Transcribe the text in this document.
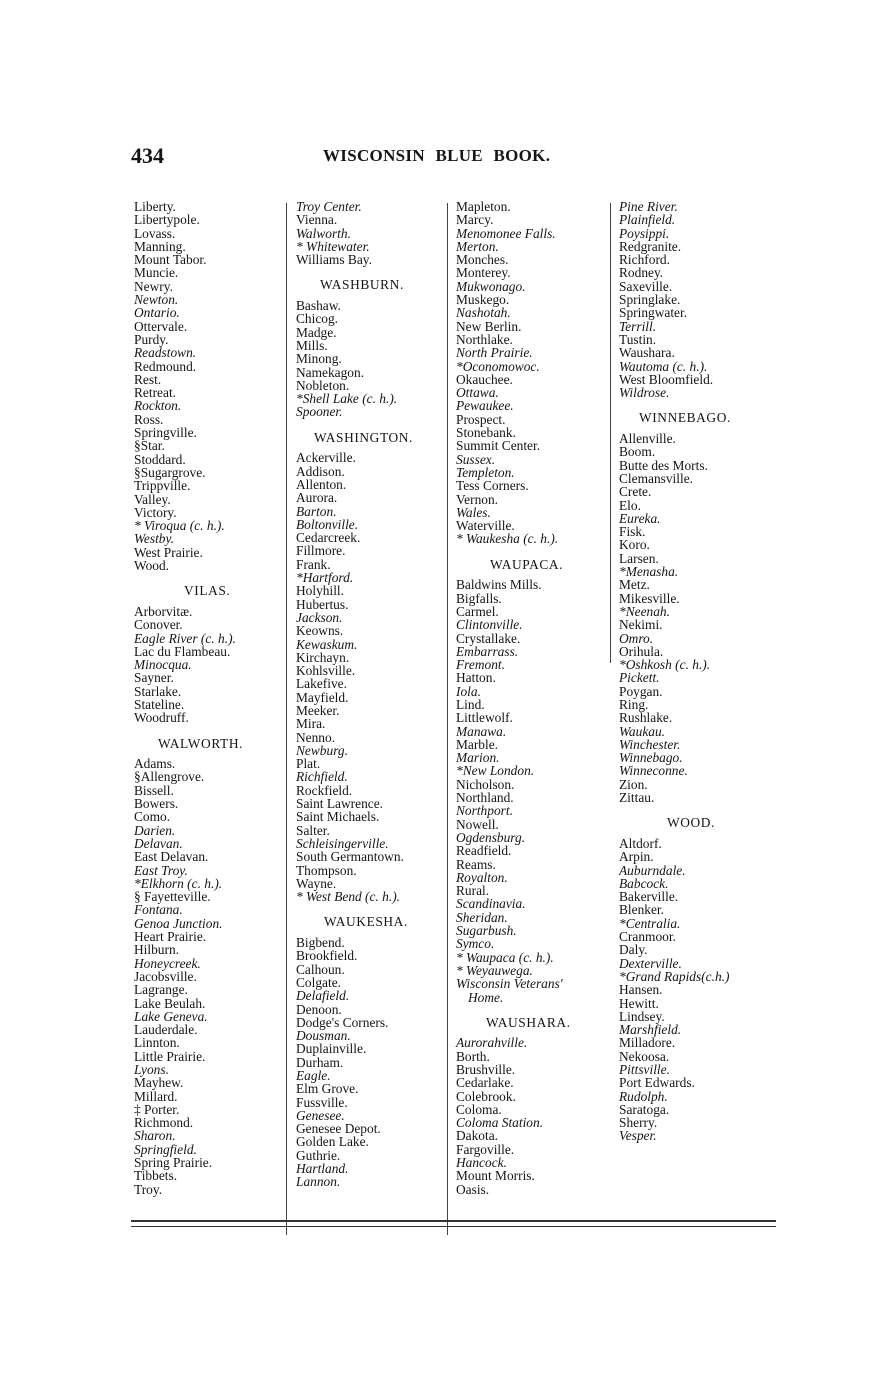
434	WISCONSIN BLUE BOOK.
Liberty.
Libertypole.
Lovass.
Manning.
Mount Tabor.
Muncie.
Newry.
Newton.
Ontario.
Ottervale.
Purdy.
Readstown.
Redmound.
Rest.
Retreat.
Rockton.
Ross.
Springville.
§Star.
Stoddard.
§Sugargrove.
Trippville.
Valley.
Victory.
* Viroqua (c. h.).
Westby.
West Prairie.
Wood.
VILAS.
Arborvitæ.
Conover.
Eagle River (c. h.).
Lac du Flambeau.
Minocqua.
Sayner.
Starlake.
Stateline.
Woodruff.
WALWORTH.
Adams.
§Allengrove.
Bissell.
Bowers.
Como.
Darien.
Delavan.
East Delavan.
East Troy.
*Elkhorn (c. h.).
§ Fayetteville.
Fontana.
Genoa Junction.
Heart Prairie.
Hilburn.
Honeycreek.
Jacobsville.
Lagrange.
Lake Beulah.
Lake Geneva.
Lauderdale.
Linnton.
Little Prairie.
Lyons.
Mayhew.
Millard.
‡ Porter.
Richmond.
Sharon.
Springfield.
Spring Prairie.
Tibbets.
Troy.
Troy Center.
Vienna.
Walworth.
* Whitewater.
Williams Bay.
WASHBURN.
Bashaw.
Chicog.
Madge.
Mills.
Minong.
Namekagon.
Nobleton.
*Shell Lake (c. h.).
Spooner.
WASHINGTON.
Ackerville.
Addison.
Allenton.
Aurora.
Barton.
Boltonville.
Cedarcreek.
Fillmore.
Frank.
*Hartford.
Holyhill.
Hubertus.
Jackson.
Keowns.
Kewaskum.
Kirchayn.
Kohlsville.
Lakefive.
Mayfield.
Meeker.
Mira.
Nenno.
Newburg.
Plat.
Richfield.
Rockfield.
Saint Lawrence.
Saint Michaels.
Salter.
Schleisingerville.
South Germantown.
Thompson.
Wayne.
* West Bend (c. h.).
WAUKESHA.
Bigbend.
Brookfield.
Calhoun.
Colgate.
Delafield.
Denoon.
Dodge's Corners.
Dousman.
Duplainville.
Durham.
Eagle.
Elm Grove.
Fussville.
Genesee.
Genesee Depot.
Golden Lake.
Guthrie.
Hartland.
Lannon.
Mapleton.
Marcy.
Menomonee Falls.
Merton.
Monches.
Monterey.
Mukwonago.
Muskego.
Nashotah.
New Berlin.
Northlake.
North Prairie.
*Oconomowoc.
Okauchee.
Ottawa.
Pewaukee.
Prospect.
Stonebank.
Summit Center.
Sussex.
Templeton.
Tess Corners.
Vernon.
Wales.
Waterville.
* Waukesha (c. h.).
WAUPACA.
Baldwins Mills.
Bigfalls.
Carmel.
Clintonville.
Crystallake.
Embarrass.
Fremont.
Hatton.
Iola.
Lind.
Littlewolf.
Manawa.
Marble.
Marion.
*New London.
Nicholson.
Northland.
Northport.
Nowell.
Ogdensburg.
Readfield.
Reams.
Royalton.
Rural.
Scandinavia.
Sheridan.
Sugarbush.
Symco.
* Waupaca (c. h.).
* Weyauwega.
Wisconsin Veterans'
Home.
WAUSHARA.
Aurorahville.
Borth.
Brushville.
Cedarlake.
Colebrook.
Coloma.
Coloma Station.
Dakota.
Fargoville.
Hancock.
Mount Morris.
Oasis.
Pine River.
Plainfield.
Poysippi.
Redgranite.
Richford.
Rodney.
Saxeville.
Springlake.
Springwater.
Terrill.
Tustin.
Waushara.
Wautoma (c. h.).
West Bloomfield.
Wildrose.
WINNEBAGO.
Allenville.
Boom.
Butte des Morts.
Clemansville.
Crete.
Elo.
Eureka.
Fisk.
Koro.
Larsen.
*Menasha.
Metz.
Mikesville.
*Neenah.
Nekimi.
Omro.
Orihula.
*Oshkosh (c. h.).
Pickett.
Poygan.
Ring.
Rushlake.
Waukau.
Winchester.
Winnebago.
Winneconne.
Zion.
Zittau.
WOOD.
Altdorf.
Arpin.
Auburndale.
Babcock.
Bakerville.
Blenker.
*Centralia.
Cranmoor.
Daly.
Dexterville.
*Grand Rapids(c.h.)
Hansen.
Hewitt.
Lindsey.
Marshfield.
Milladore.
Nekoosa.
Pittsville.
Port Edwards.
Rudolph.
Saratoga.
Sherry.
Vesper.
